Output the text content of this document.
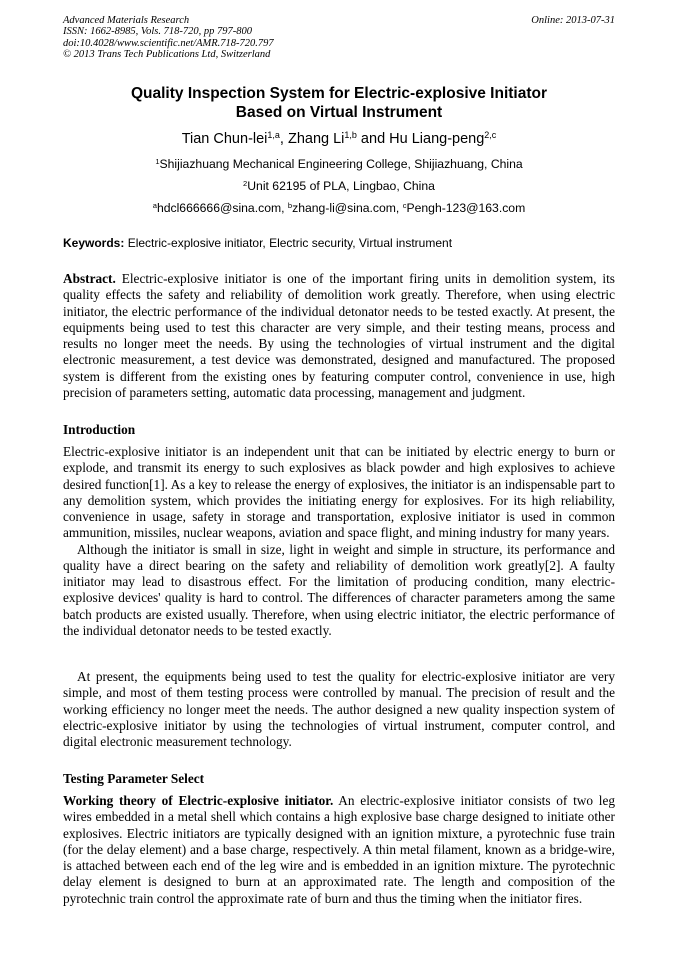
Advanced Materials Research
ISSN: 1662-8985, Vols. 718-720, pp 797-800
doi:10.4028/www.scientific.net/AMR.718-720.797
© 2013 Trans Tech Publications Ltd, Switzerland
Online: 2013-07-31
Quality Inspection System for Electric-explosive Initiator
Based on Virtual Instrument
Tian Chun-lei$^{1,a}$, Zhang Li$^{1,b}$ and Hu Liang-peng$^{2,c}$
$^1$Shijiazhuang Mechanical Engineering College, Shijiazhuang, China
$^2$Unit 62195 of PLA, Lingbao, China
$^a$hdcl666666@sina.com, $^b$zhang-li@sina.com, $^c$Pengh-123@163.com
Keywords: Electric-explosive initiator, Electric security, Virtual instrument
Abstract. Electric-explosive initiator is one of the important firing units in demolition system, its quality effects the safety and reliability of demolition work greatly. Therefore, when using electric initiator, the electric performance of the individual detonator needs to be tested exactly. At present, the equipments being used to test this character are very simple, and their testing means, process and results no longer meet the needs. By using the technologies of virtual instrument and the digital electronic measurement, a test device was demonstrated, designed and manufactured. The proposed system is different from the existing ones by featuring computer control, convenience in use, high precision of parameters setting, automatic data processing, management and judgment.
Introduction
Electric-explosive initiator is an independent unit that can be initiated by electric energy to burn or explode, and transmit its energy to such explosives as black powder and high explosives to achieve desired function[1]. As a key to release the energy of explosives, the initiator is an indispensable part to any demolition system, which provides the initiating energy for explosives. For its high reliability, convenience in usage, safety in storage and transportation, explosive initiator is used in common ammunition, missiles, nuclear weapons, aviation and space flight, and mining industry for many years.
Although the initiator is small in size, light in weight and simple in structure, its performance and quality have a direct bearing on the safety and reliability of demolition work greatly[2]. A faulty initiator may lead to disastrous effect. For the limitation of producing condition, many electric-explosive devices' quality is hard to control. The differences of character parameters among the same batch products are existed usually. Therefore, when using electric initiator, the electric performance of the individual detonator needs to be tested exactly.
At present, the equipments being used to test the quality for electric-explosive initiator are very simple, and most of them testing process were controlled by manual. The precision of result and the working efficiency no longer meet the needs. The author designed a new quality inspection system of electric-explosive initiator by using the technologies of virtual instrument, computer control, and digital electronic measurement technology.
Testing Parameter Select
Working theory of Electric-explosive initiator. An electric-explosive initiator consists of two leg wires embedded in a metal shell which contains a high explosive base charge designed to initiate other explosives. Electric initiators are typically designed with an ignition mixture, a pyrotechnic fuse train (for the delay element) and a base charge, respectively. A thin metal filament, known as a bridge-wire, is attached between each end of the leg wire and is embedded in an ignition mixture. The pyrotechnic delay element is designed to burn at an approximated rate. The length and composition of the pyrotechnic train control the approximate rate of burn and thus the timing when the initiator fires.
